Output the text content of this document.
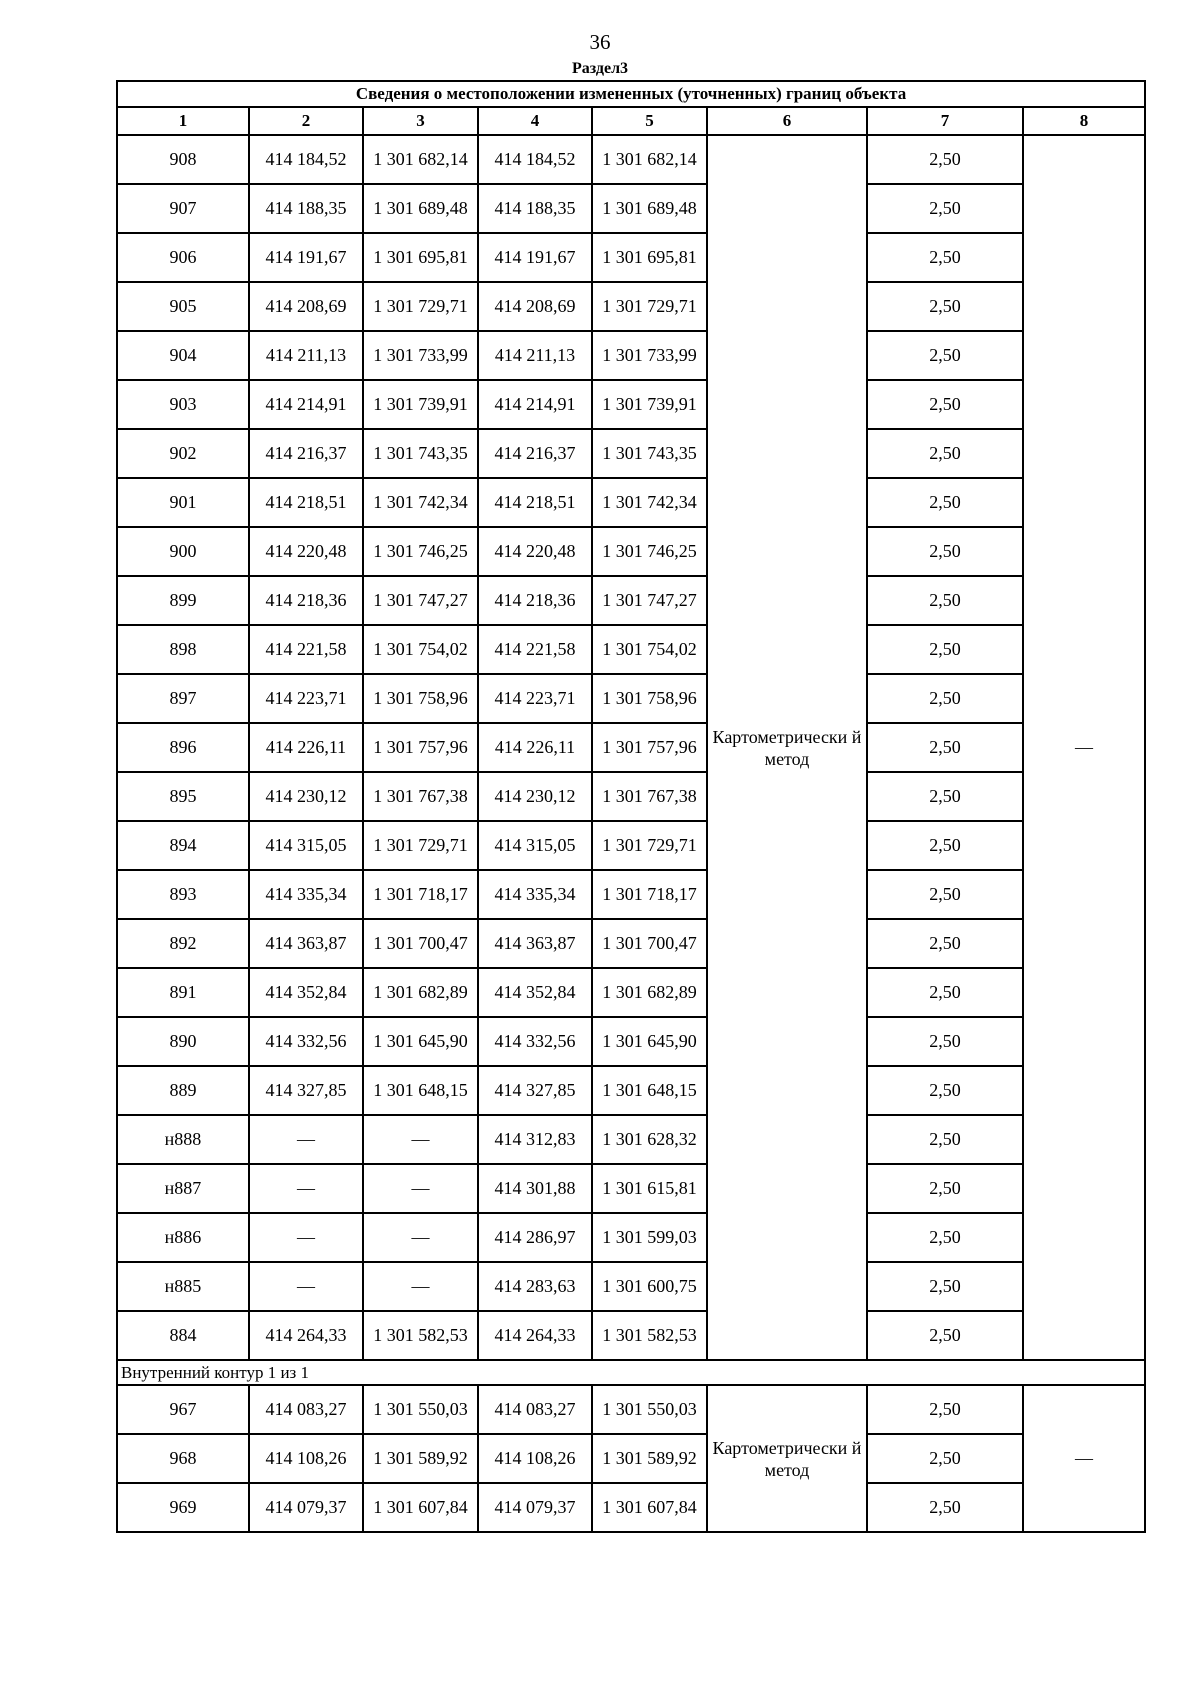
36
Раздел3
Сведения о местоположении измененных (уточненных) границ объекта							
1	2	3	4	5	6	7	8
908	414 184,52	1 301 682,14	414 184,52	1 301 682,14	Картометрически й метод	2,50	—
907	414 188,35	1 301 689,48	414 188,35	1 301 689,48		2,50	
906	414 191,67	1 301 695,81	414 191,67	1 301 695,81		2,50	
905	414 208,69	1 301 729,71	414 208,69	1 301 729,71		2,50	
904	414 211,13	1 301 733,99	414 211,13	1 301 733,99		2,50	
903	414 214,91	1 301 739,91	414 214,91	1 301 739,91		2,50	
902	414 216,37	1 301 743,35	414 216,37	1 301 743,35		2,50	
901	414 218,51	1 301 742,34	414 218,51	1 301 742,34		2,50	
900	414 220,48	1 301 746,25	414 220,48	1 301 746,25		2,50	
899	414 218,36	1 301 747,27	414 218,36	1 301 747,27		2,50	
898	414 221,58	1 301 754,02	414 221,58	1 301 754,02		2,50	
897	414 223,71	1 301 758,96	414 223,71	1 301 758,96		2,50	
896	414 226,11	1 301 757,96	414 226,11	1 301 757,96		2,50	
895	414 230,12	1 301 767,38	414 230,12	1 301 767,38		2,50	
894	414 315,05	1 301 729,71	414 315,05	1 301 729,71		2,50	
893	414 335,34	1 301 718,17	414 335,34	1 301 718,17		2,50	
892	414 363,87	1 301 700,47	414 363,87	1 301 700,47		2,50	
891	414 352,84	1 301 682,89	414 352,84	1 301 682,89		2,50	
890	414 332,56	1 301 645,90	414 332,56	1 301 645,90		2,50	
889	414 327,85	1 301 648,15	414 327,85	1 301 648,15		2,50	
н888	—	—	414 312,83	1 301 628,32		2,50	
н887	—	—	414 301,88	1 301 615,81		2,50	
н886	—	—	414 286,97	1 301 599,03		2,50	
н885	—	—	414 283,63	1 301 600,75		2,50	
884	414 264,33	1 301 582,53	414 264,33	1 301 582,53		2,50	
Внутренний контур 1 из 1							
967	414 083,27	1 301 550,03	414 083,27	1 301 550,03	Картометрически й метод	2,50	—
968	414 108,26	1 301 589,92	414 108,26	1 301 589,92		2,50	
969	414 079,37	1 301 607,84	414 079,37	1 301 607,84		2,50	
